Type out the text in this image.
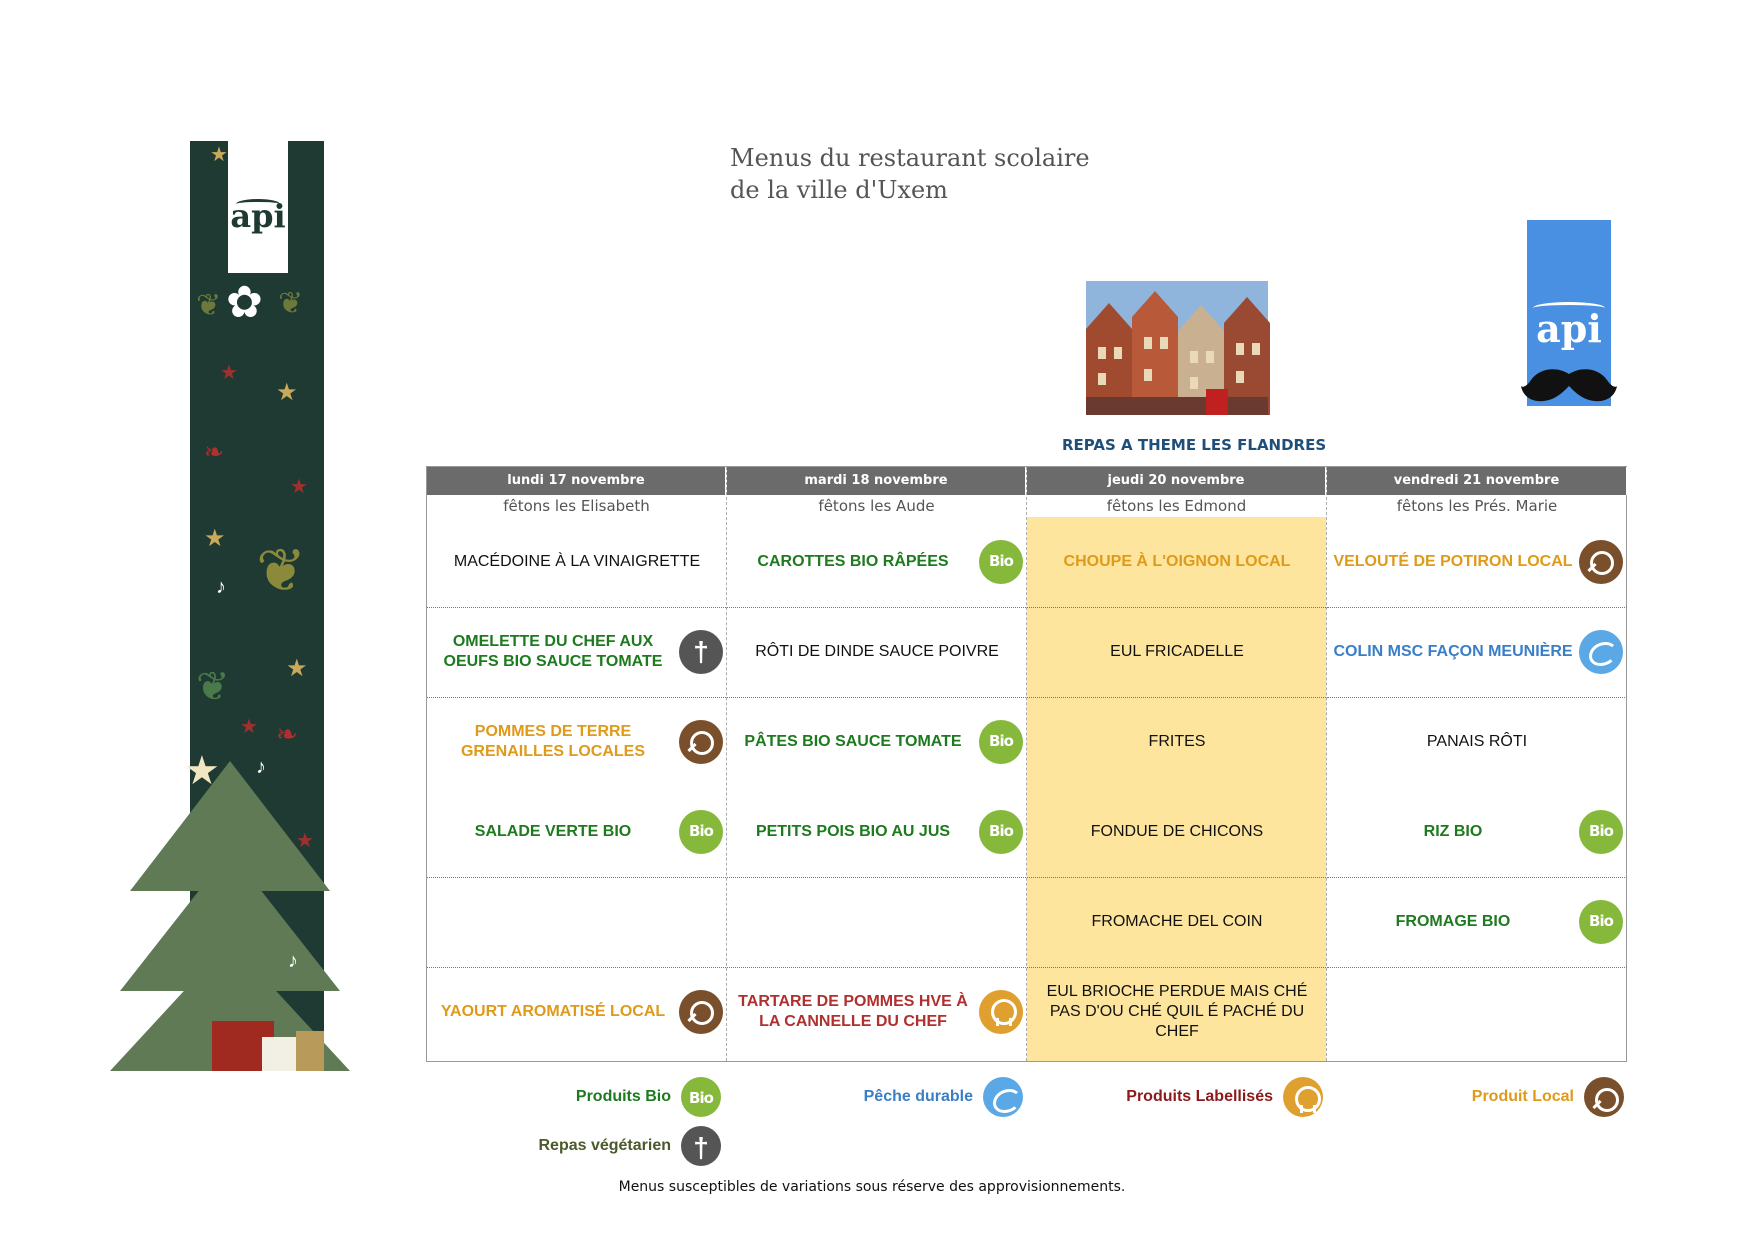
api
★
✿
❦ ❦
★
★
❧
★
★
♪ ❦
★
❦
★ ❧
★
★
♪
★
♪
Menus du restaurant scolaire
de la ville d'Uxem
api
REPAS A THEME LES FLANDRES
lundi 17 novembre
fêtons les Elisabeth
MACÉDOINE À LA VINAIGRETTE
OMELETTE DU CHEF AUX OEUFS BIO SAUCE TOMATE
†
POMMES DE TERRE GRENAILLES LOCALES
SALADE VERTE BIO
Bio
YAOURT AROMATISÉ LOCAL
mardi 18 novembre
fêtons les Aude
CAROTTES BIO RÂPÉES
Bio
RÔTI DE DINDE SAUCE POIVRE
PÂTES BIO SAUCE TOMATE
Bio
PETITS POIS BIO AU JUS
Bio
TARTARE DE POMMES HVE À LA CANNELLE DU CHEF
jeudi 20 novembre
fêtons les Edmond
CHOUPE À L'OIGNON LOCAL
EUL FRICADELLE
FRITES
FONDUE DE CHICONS
FROMACHE DEL COIN
EUL BRIOCHE PERDUE MAIS CHÉ PAS D'OU CHÉ QUIL É PACHÉ DU CHEF
vendredi 21 novembre
fêtons les Prés. Marie
VELOUTÉ DE POTIRON LOCAL
COLIN MSC FAÇON MEUNIÈRE
PANAIS RÔTI
RIZ BIO
Bio
FROMAGE BIO
Bio
Produits Bio
Bio	Pêche durable	Produits Labellisés	Produit Local
Repas végétarien
†
Menus susceptibles de variations sous réserve des approvisionnements.
